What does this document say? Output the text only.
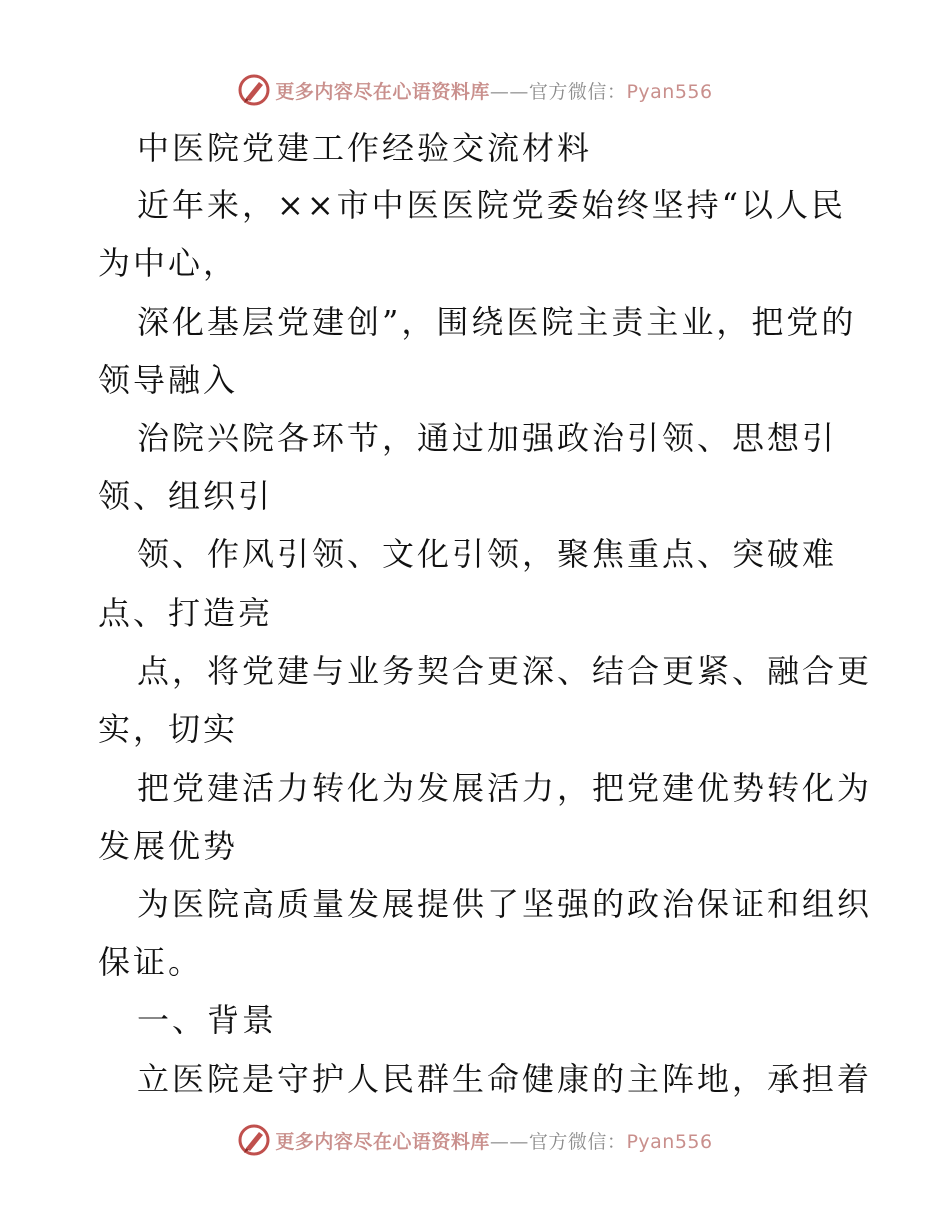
更多内容尽在心语资料库——官方微信：Pyan556
中医院党建工作经验交流材料
近年来，××市中医医院党委始终坚持“以人民
为中心，
深化基层党建创”，围绕医院主责主业，把党的
领导融入
治院兴院各环节，通过加强政治引领、思想引
领、组织引
领、作风引领、文化引领，聚焦重点、突破难
点、打造亮
点，将党建与业务契合更深、结合更紧、融合更
实，切实
把党建活力转化为发展活力，把党建优势转化为
发展优势
为医院高质量发展提供了坚强的政治保证和组织
保证。
一、背景
立医院是守护人民群生命健康的主阵地，承担着
更多内容尽在心语资料库——官方微信：Pyan556
